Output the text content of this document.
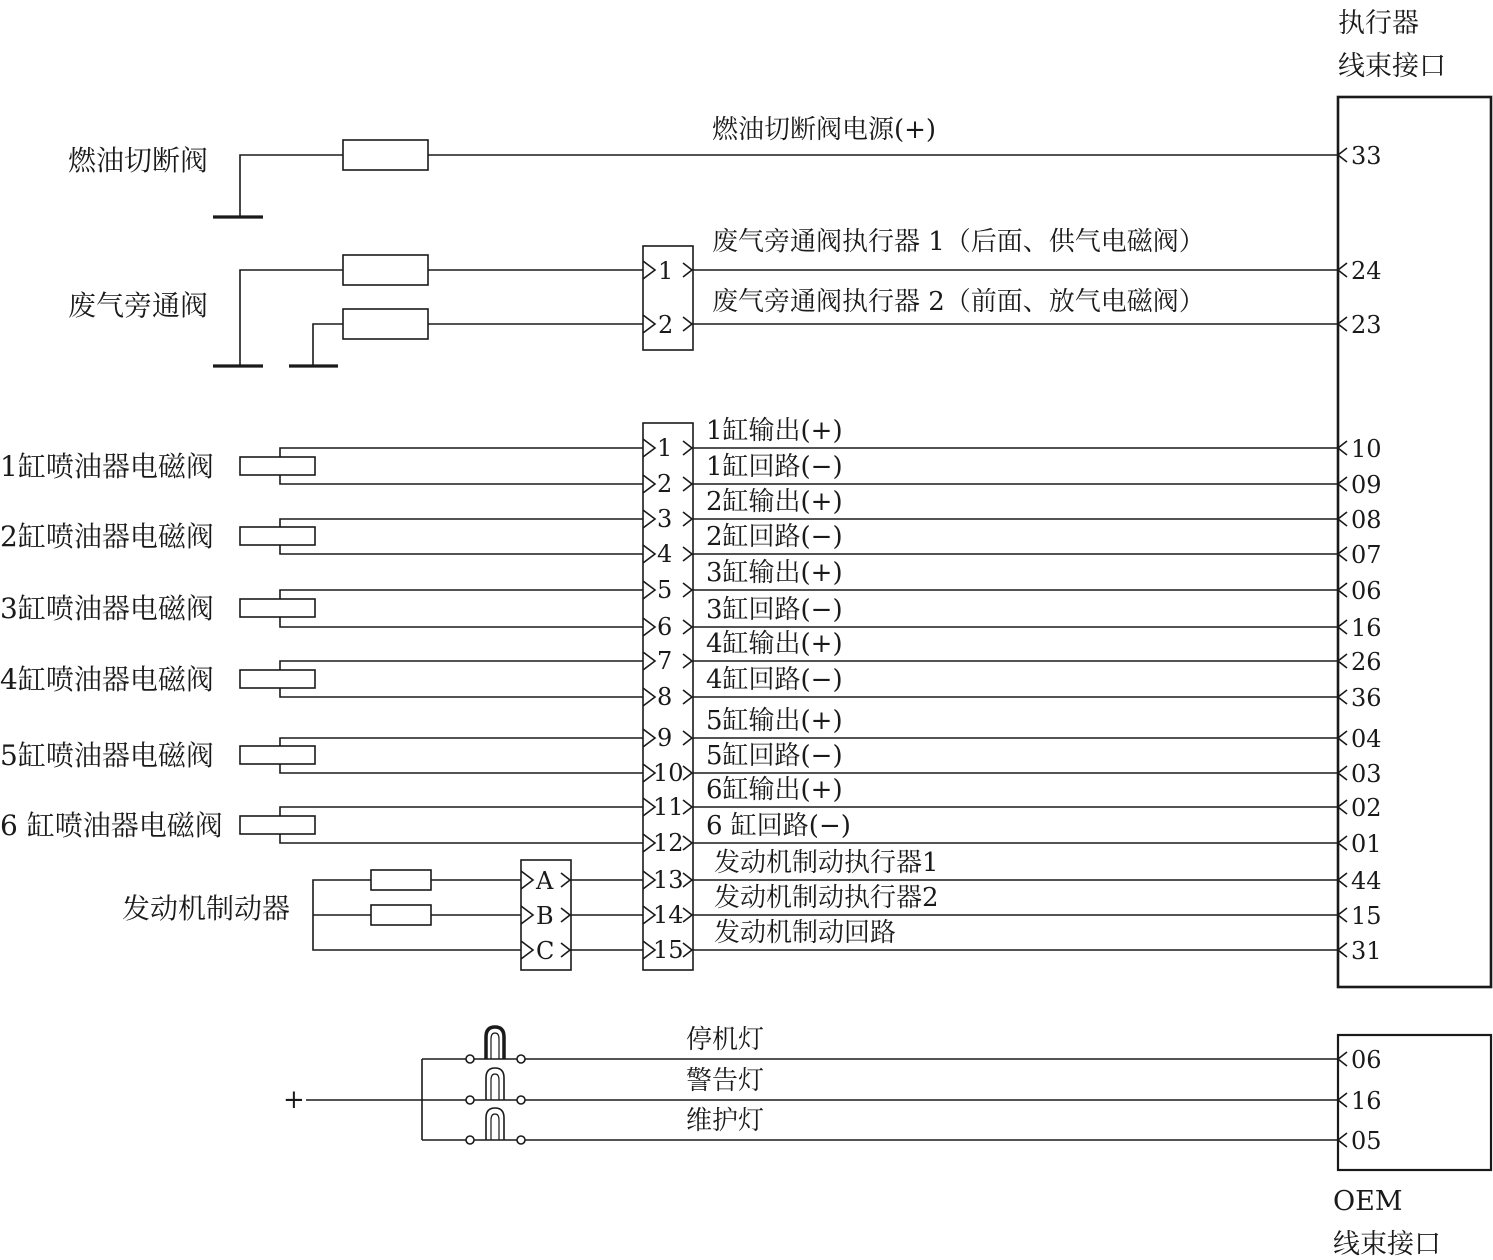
执行器
线束接口
33
24
23
10
09
08
07
06
16
26
36
04
03
02
01
44
15
31
OEM
线束接口
06
16
05
燃油切断阀
燃油切断阀电源(+)
废气旁通阀
1
2
废气旁通阀执行器 1（后面、供气电磁阀）
废气旁通阀执行器 2（前面、放气电磁阀）
1缸喷油器电磁阀
2缸喷油器电磁阀
3缸喷油器电磁阀
4缸喷油器电磁阀
5缸喷油器电磁阀
6 缸喷油器电磁阀
1
2
3
4
5
6
7
8
9
10
11
12
13
14
15
1缸输出(+)
1缸回路(−)
2缸输出(+)
2缸回路(−)
3缸输出(+)
3缸回路(−)
4缸输出(+)
4缸回路(−)
5缸输出(+)
5缸回路(−)
6缸输出(+)
6 缸回路(−)
发动机制动执行器1
发动机制动执行器2
发动机制动回路
发动机制动器
A
B
C
+
停机灯
警告灯
维护灯
